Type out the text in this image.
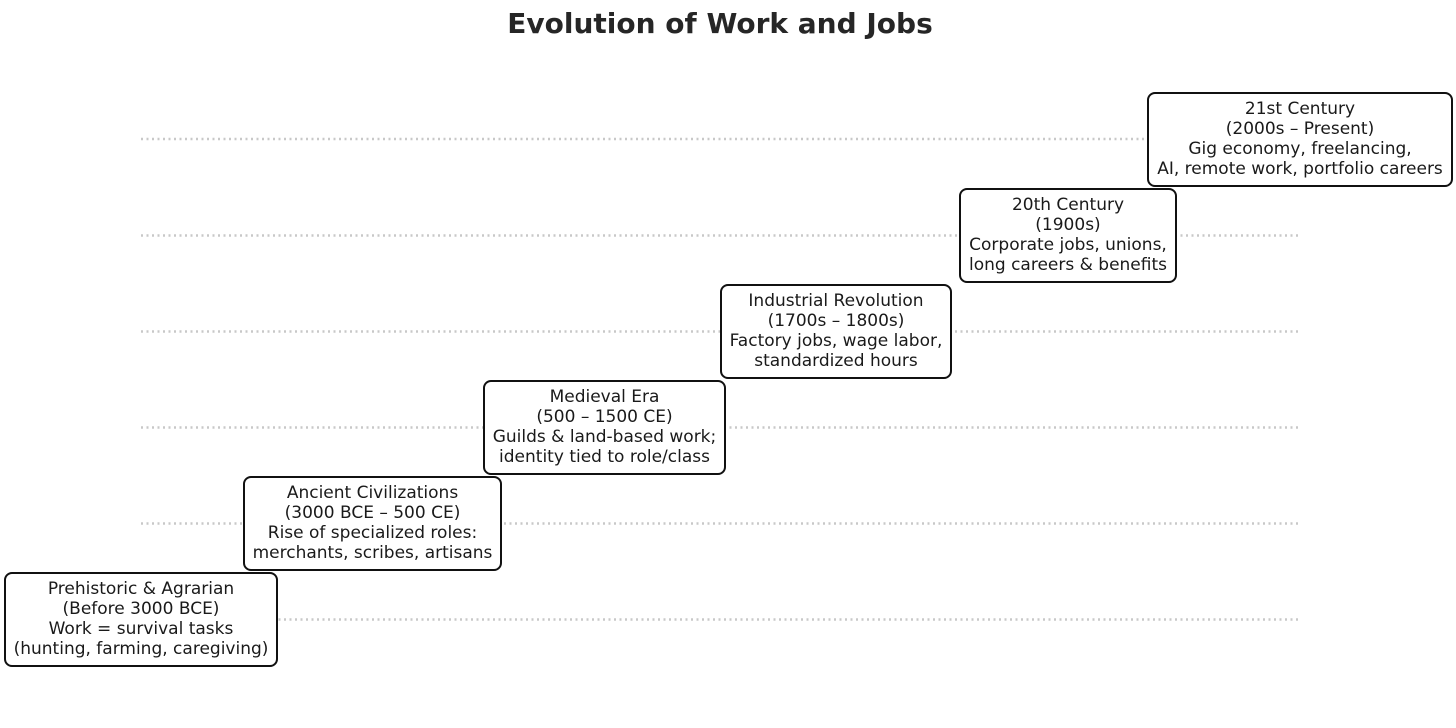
Evolution of Work and Jobs
Prehistoric & Agrarian
(Before 3000 BCE)
Work = survival tasks
(hunting, farming, caregiving)
Ancient Civilizations
(3000 BCE – 500 CE)
Rise of specialized roles:
merchants, scribes, artisans
Medieval Era
(500 – 1500 CE)
Guilds & land-based work;
identity tied to role/class
Industrial Revolution
(1700s – 1800s)
Factory jobs, wage labor,
standardized hours
20th Century
(1900s)
Corporate jobs, unions,
long careers & benefits
21st Century
(2000s – Present)
Gig economy, freelancing,
AI, remote work, portfolio careers
